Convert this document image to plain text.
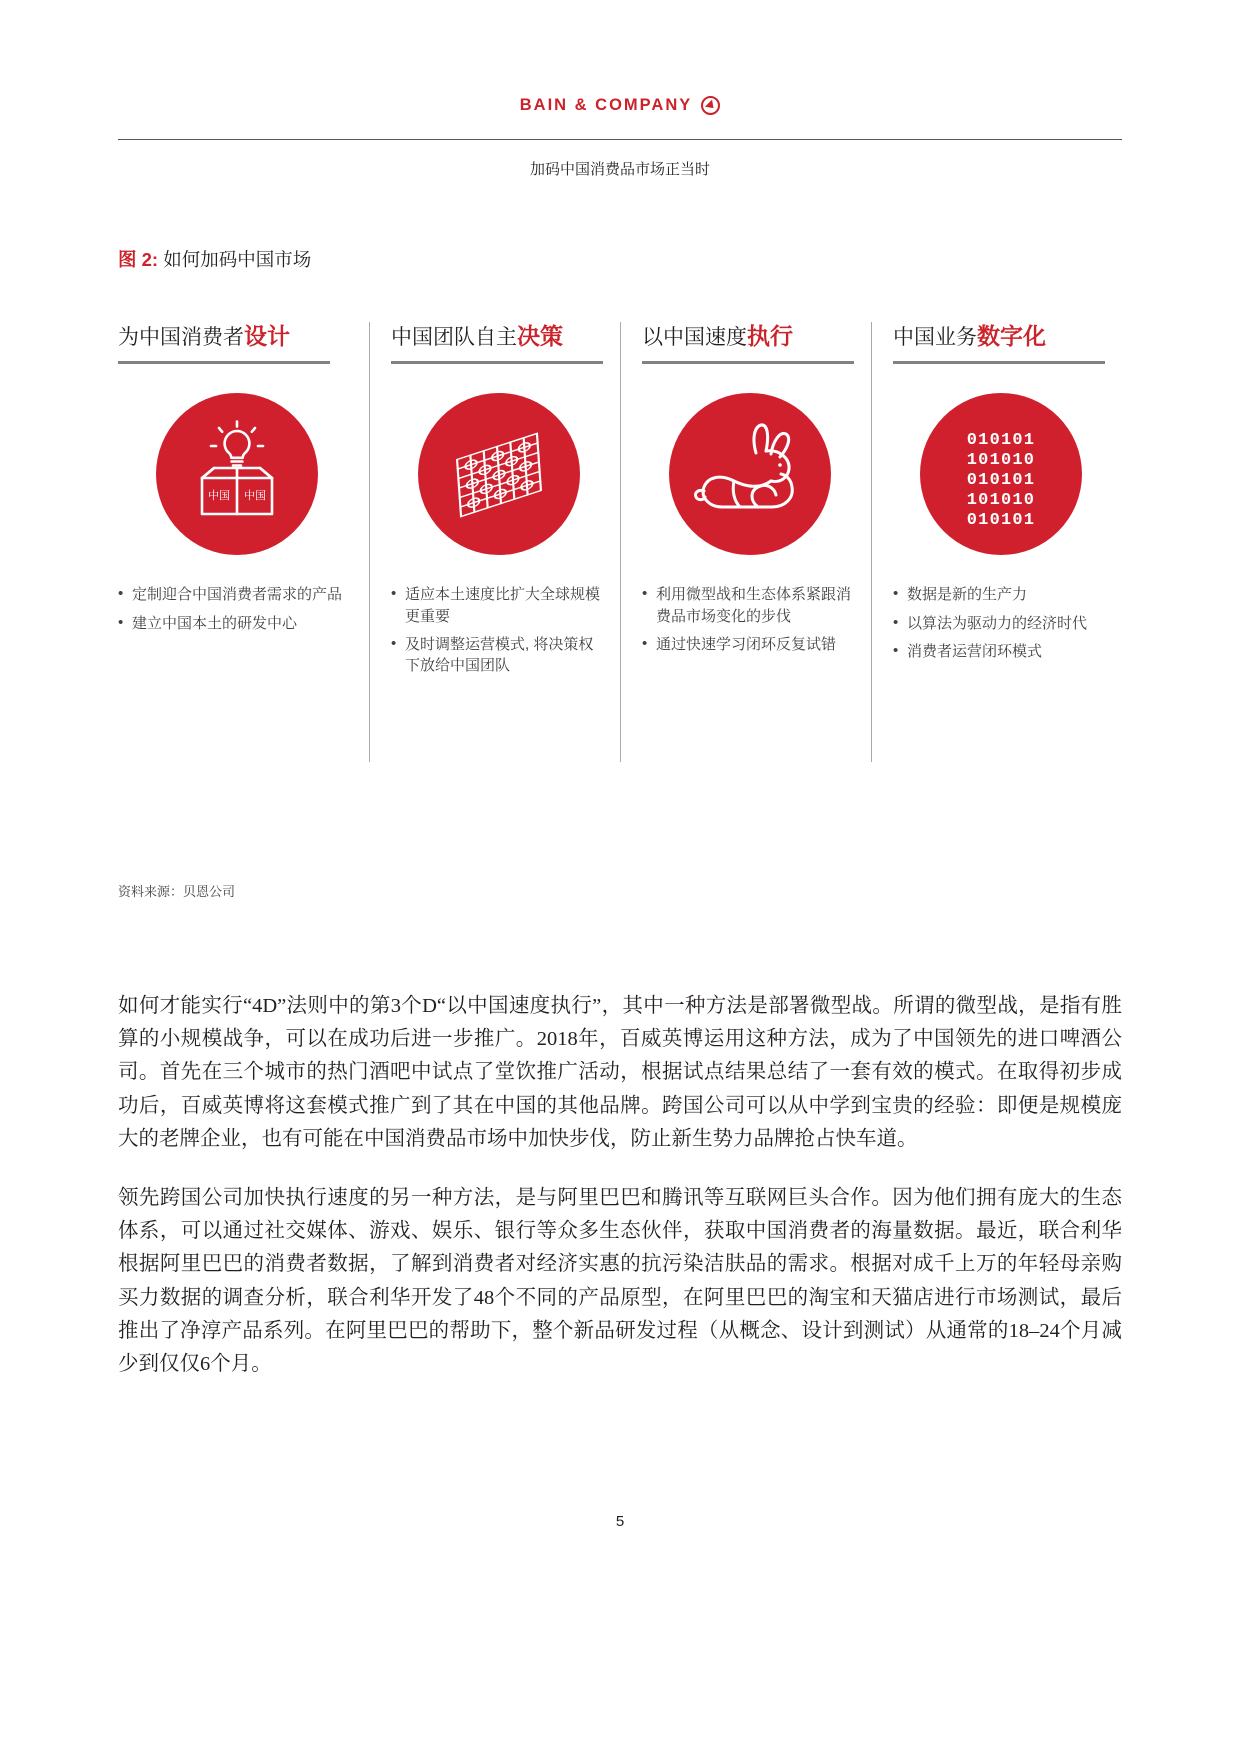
BAIN & COMPANY
加码中国消费品市场正当时
图 2: 如何加码中国市场
为中国消费者设计
中国 中国
• 定制迎合中国消费者需求的产品
• 建立中国本土的研发中心
中国团队自主决策
• 适应本土速度比扩大全球规模更重要
• 及时调整运营模式, 将决策权下放给中国团队
以中国速度执行
• 利用微型战和生态体系紧跟消费品市场变化的步伐
• 通过快速学习闭环反复试错
中国业务数字化
010101
101010
010101
101010
010101
• 数据是新的生产力
• 以算法为驱动力的经济时代
• 消费者运营闭环模式
资料来源：贝恩公司

如何才能实行“4D”法则中的第3个D“以中国速度执行”，其中一种方法是部署微型战。所谓的微型战，是指有胜算的小规模战争，可以在成功后进一步推广。2018年，百威英博运用这种方法，成为了中国领先的进口啤酒公司。首先在三个城市的热门酒吧中试点了堂饮推广活动，根据试点结果总结了一套有效的模式。在取得初步成功后，百威英博将这套模式推广到了其在中国的其他品牌。跨国公司可以从中学到宝贵的经验：即便是规模庞大的老牌企业，也有可能在中国消费品市场中加快步伐，防止新生势力品牌抢占快车道。

领先跨国公司加快执行速度的另一种方法，是与阿里巴巴和腾讯等互联网巨头合作。因为他们拥有庞大的生态体系，可以通过社交媒体、游戏、娱乐、银行等众多生态伙伴，获取中国消费者的海量数据。最近，联合利华根据阿里巴巴的消费者数据，了解到消费者对经济实惠的抗污染洁肤品的需求。根据对成千上万的年轻母亲购买力数据的调查分析，联合利华开发了48个不同的产品原型，在阿里巴巴的淘宝和天猫店进行市场测试，最后推出了净淳产品系列。在阿里巴巴的帮助下，整个新品研发过程（从概念、设计到测试）从通常的18–24个月减少到仅仅6个月。

5
